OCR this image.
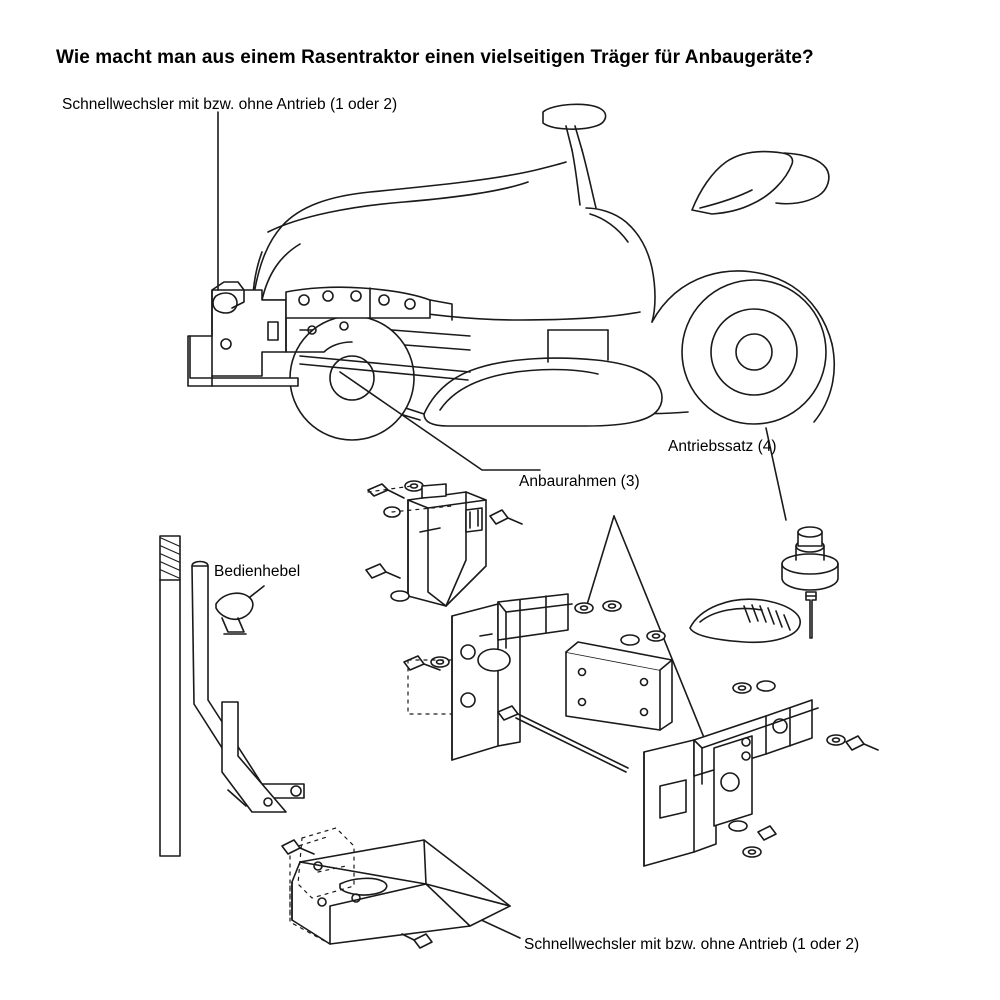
Wie macht man aus einem Rasentraktor einen vielseitigen Träger für Anbaugeräte?
Schnellwechsler mit bzw. ohne Antrieb (1 oder 2)
Antriebssatz (4)
Anbaurahmen (3)
Bedienhebel
Schnellwechsler mit bzw. ohne Antrieb (1 oder 2)
